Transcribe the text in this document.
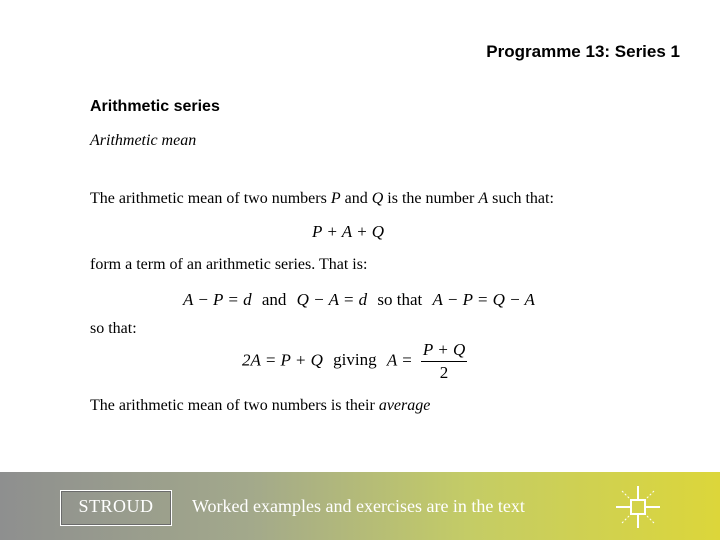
Programme 13: Series 1
Arithmetic series
Arithmetic mean
The arithmetic mean of two numbers P and Q is the number A such that:
P + A + Q
form a term of an arithmetic series. That is:
A − P = d and Q − A = d so that A − P = Q − A
so that:
2A = P + Q giving $A = \frac{P + Q}{2}$
The arithmetic mean of two numbers is their average
STROUD	Worked examples and exercises are in the text
